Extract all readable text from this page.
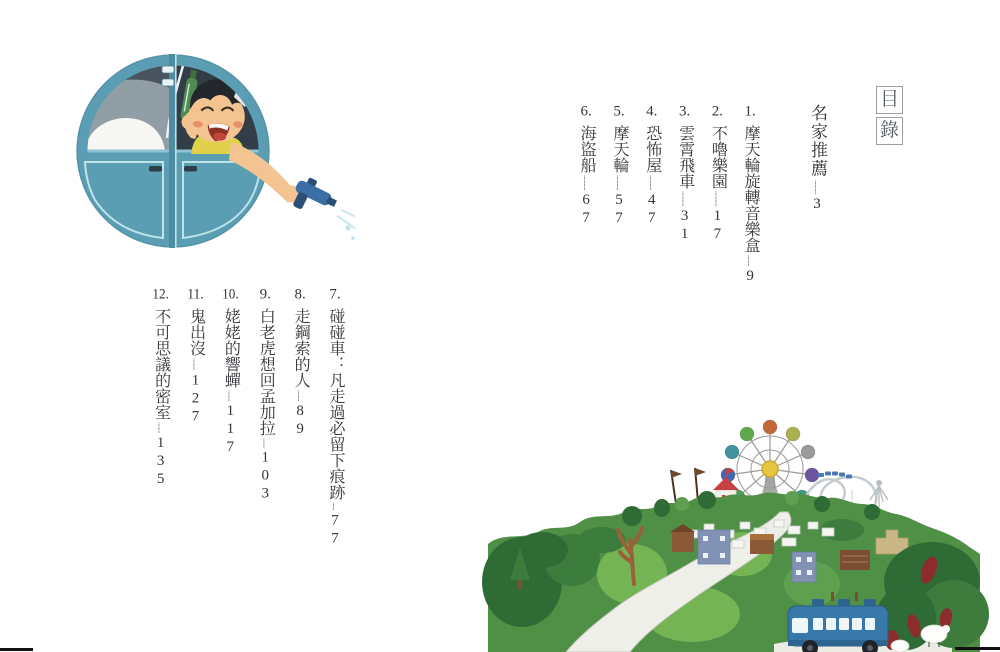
目
錄
名家推薦..........3
1.摩天輪旋轉音樂盒........9
2.不嚕樂園...........17
3.雲霄飛車...........31
4.恐怖屋...........47
5.摩天輪...........57
6.海盜船...........67
7.碰碰車：凡走過必留下痕跡......77
8.走鋼索的人........89
9.白老虎想回孟加拉.......103
10.姥姥的響蟬........117
11.鬼出沒.........127
12.不可思議的密室........135
